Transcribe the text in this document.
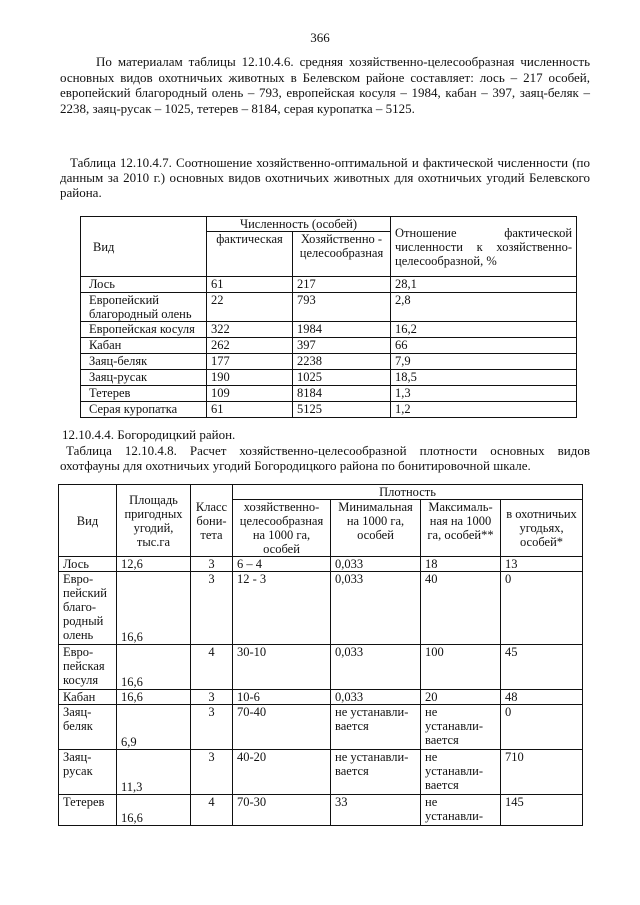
366

По материалам таблицы 12.10.4.6. средняя хозяйственно-целесообразная численность основных видов охотничьих животных в Белевском районе составляет: лось – 217 особей, европейский благородный олень – 793, европейская косуля – 1984, кабан – 397, заяц-беляк – 2238, заяц-русак – 1025, тетерев – 8184, серая куропатка – 5125.

Таблица 12.10.4.7. Соотношение хозяйственно-оптимальной и фактической численности (по данным за 2010 г.) основных видов охотничьих животных для охотничьих угодий Белевского района.

Вид	Численность (особей)		Отношение фактической численности к хозяйственно-целесообразной, %
	фактическая	Хозяйственно - целесообразная	
Лось	61	217	28,1
Европейский благородный олень	22	793	2,8
Европейская косуля	322	1984	16,2
Кабан	262	397	66
Заяц-беляк	177	2238	7,9
Заяц-русак	190	1025	18,5
Тетерев	109	8184	1,3
Серая куропатка	61	5125	1,2
12.10.4.4. Богородицкий район.

Таблица 12.10.4.8. Расчет хозяйственно-целесообразной плотности основных видов охотфауны для охотничьих угодий Богородицкого района по бонитировочной шкале.

Вид	Площадь пригодных угодий, тыс.га	Класс бони-тета	Плотность			
			хозяйственно-целесообразная на 1000 га, особей	Минимальная на 1000 га, особей	Максималь-ная на 1000 га, особей**	в охотничьих угодьях, особей*
Лось	12,6	3	6 – 4	0,033	18	13
Евро-пейский благо-родный олень	16,6	3	12 - 3	0,033	40	0
Евро-пейская косуля	16,6	4	30-10	0,033	100	45
Кабан	16,6	3	10-6	0,033	20	48
Заяц-беляк	6,9	3	70-40	не устанавли-вается	не устанавли-вается	0
Заяц-русак	11,3	3	40-20	не устанавли-вается	не устанавли-вается	710
Тетерев	16,6	4	70-30	33	не устанавли-	145
